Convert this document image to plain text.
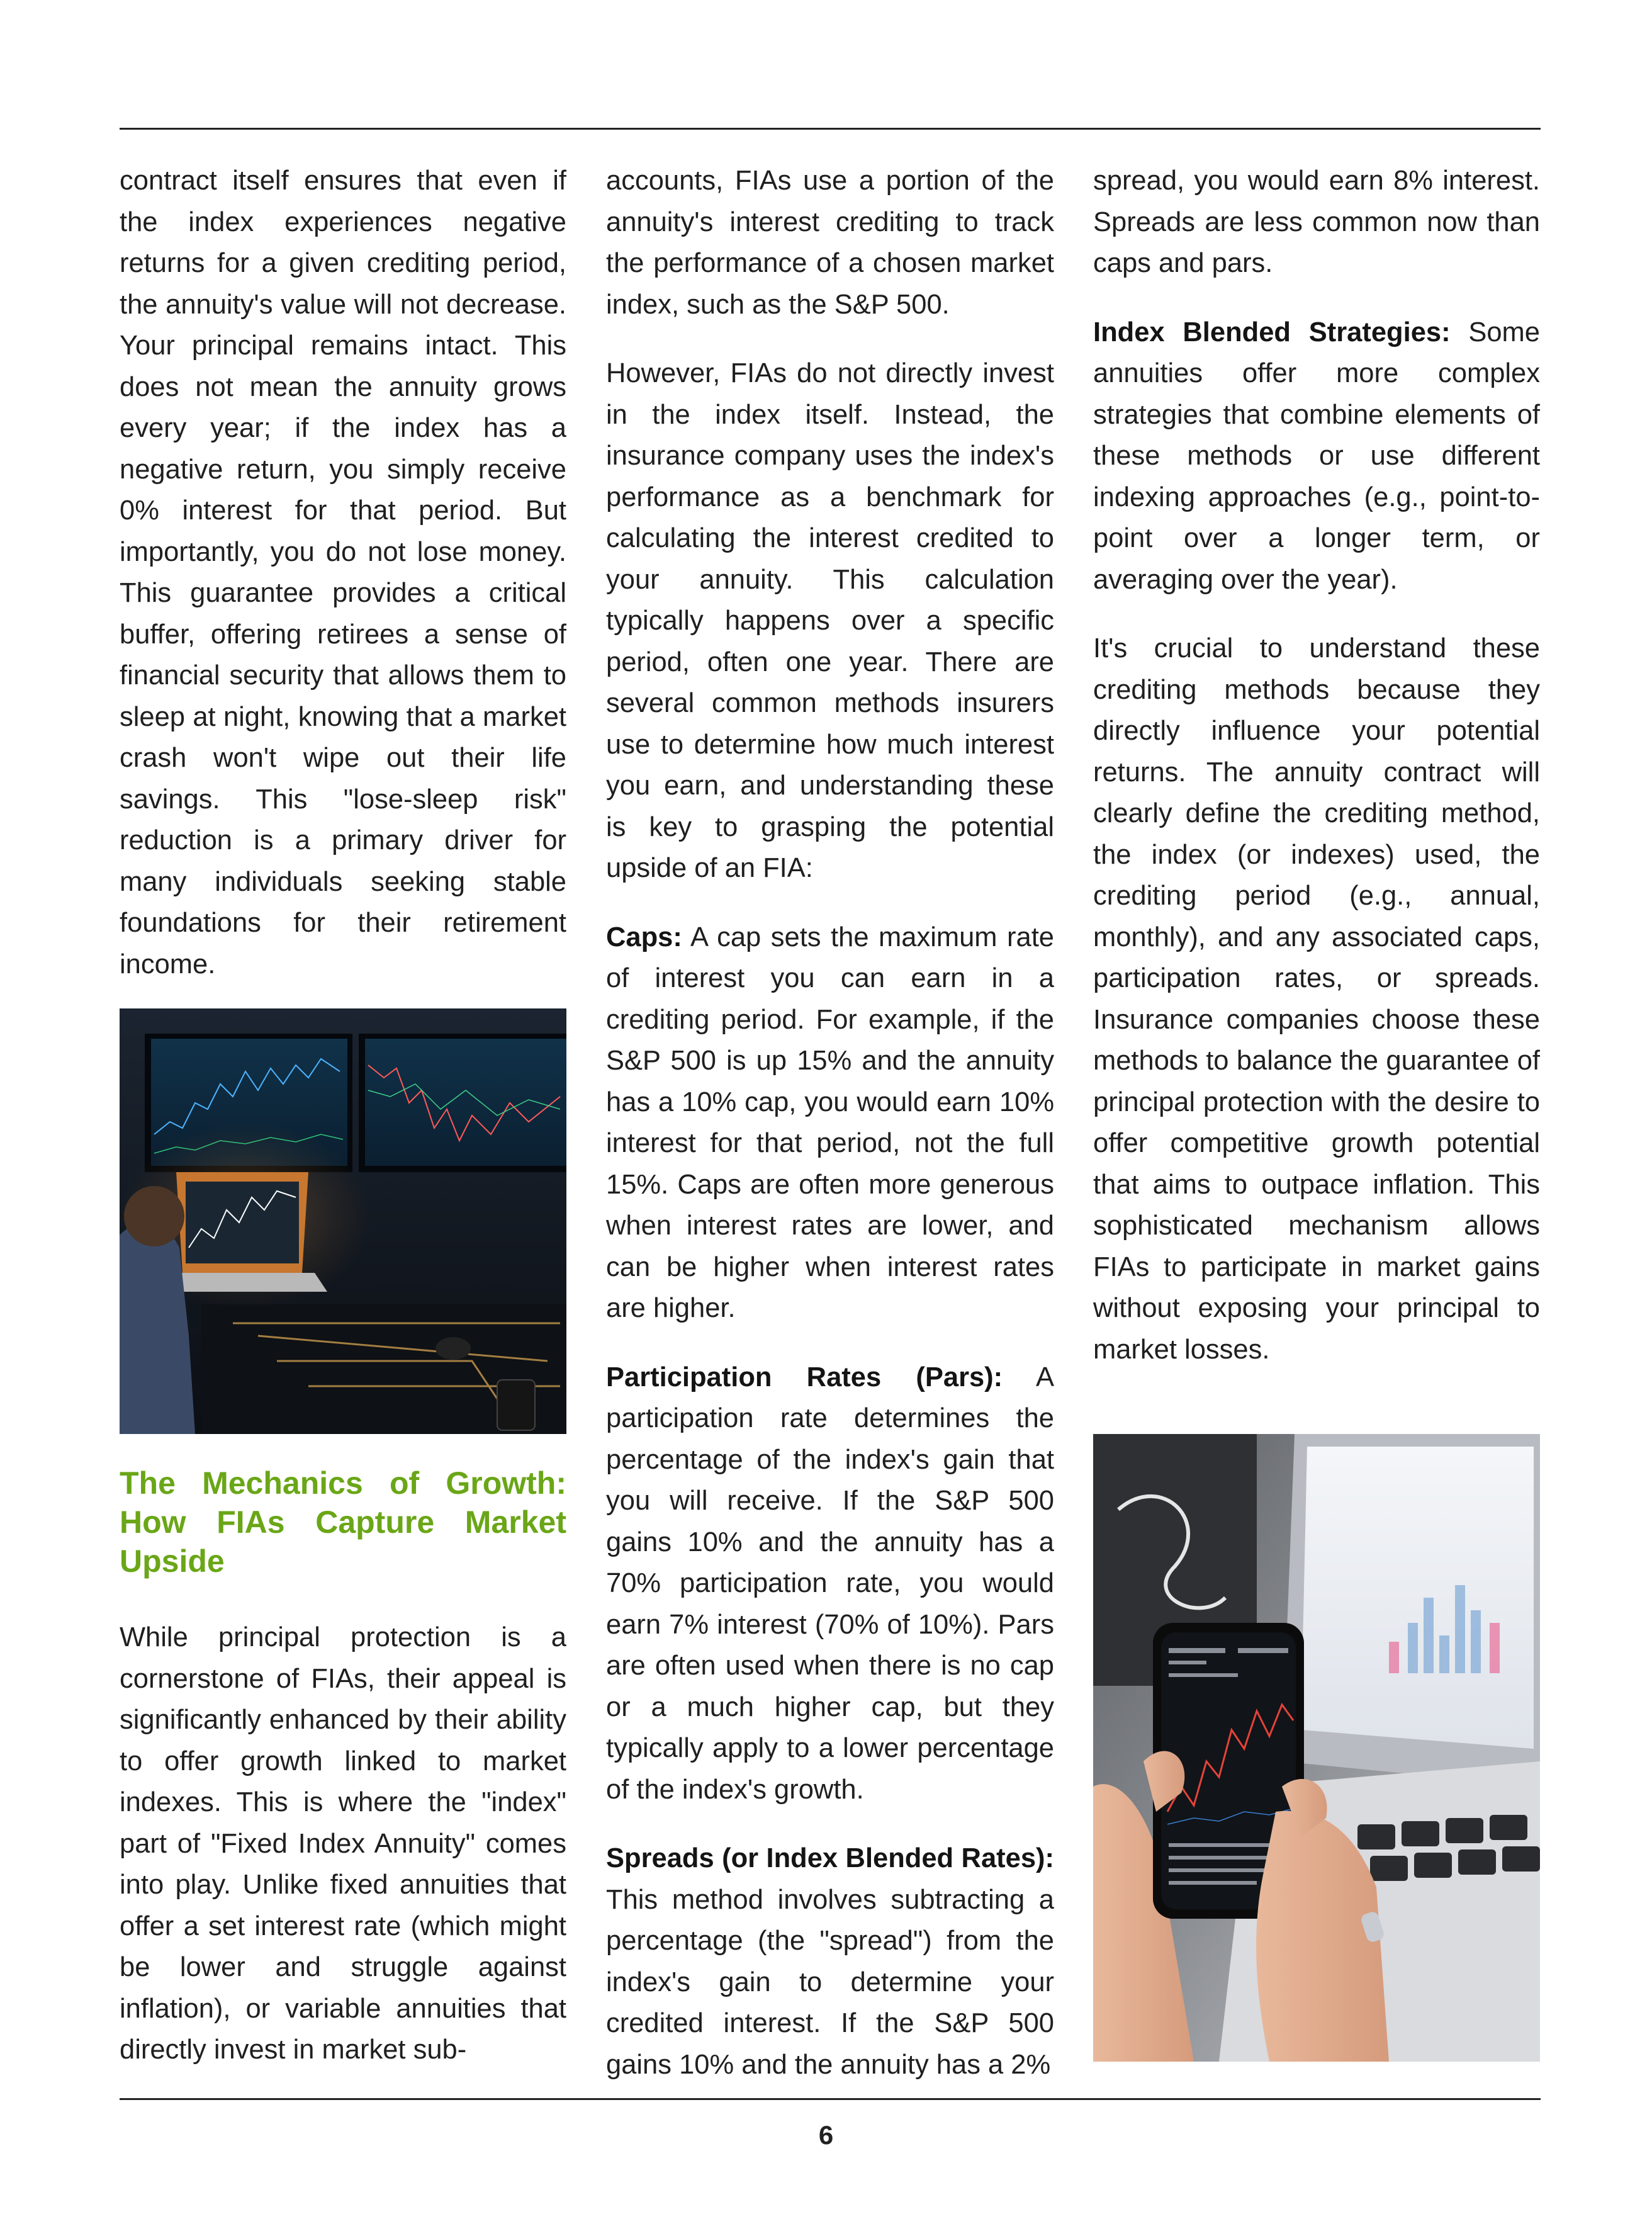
contract itself ensures that even if the index experiences negative returns for a given crediting period, the annuity's value will not decrease. Your principal remains intact. This does not mean the annuity grows every year; if the index has a negative return, you simply receive 0% interest for that period. But importantly, you do not lose money. This guarantee provides a critical buffer, offering retirees a sense of financial security that allows them to sleep at night, knowing that a market crash won't wipe out their life savings. This "lose-sleep risk" reduction is a primary driver for many individuals seeking stable foundations for their retirement income.

The Mechanics of Growth: How FIAs Capture Market Upside

While principal protection is a cornerstone of FIAs, their appeal is significantly enhanced by their ability to offer growth linked to market indexes. This is where the "index" part of "Fixed Index Annuity" comes into play. Unlike fixed annuities that offer a set interest rate (which might be lower and struggle against inflation), or variable annuities that directly invest in market sub-

accounts, FIAs use a portion of the annuity's interest crediting to track the performance of a chosen market index, such as the S&P 500.

However, FIAs do not directly invest in the index itself. Instead, the insurance company uses the index's performance as a benchmark for calculating the interest credited to your annuity. This calculation typically happens over a specific period, often one year. There are several common methods insurers use to determine how much interest you earn, and understanding these is key to grasping the potential upside of an FIA:

Caps: A cap sets the maximum rate of interest you can earn in a crediting period. For example, if the S&P 500 is up 15% and the annuity has a 10% cap, you would earn 10% interest for that period, not the full 15%. Caps are often more generous when interest rates are lower, and can be higher when interest rates are higher.

Participation Rates (Pars): A participation rate determines the percentage of the index's gain that you will receive. If the S&P 500 gains 10% and the annuity has a 70% participation rate, you would earn 7% interest (70% of 10%). Pars are often used when there is no cap or a much higher cap, but they typically apply to a lower percentage of the index's growth.

Spreads (or Index Blended Rates): This method involves subtracting a percentage (the "spread") from the index's gain to determine your credited interest. If the S&P 500 gains 10% and the annuity has a 2%

spread, you would earn 8% interest. Spreads are less common now than caps and pars.

Index Blended Strategies: Some annuities offer more complex strategies that combine elements of these methods or use different indexing approaches (e.g., point-to-point over a longer term, or averaging over the year).

It's crucial to understand these crediting methods because they directly influence your potential returns. The annuity contract will clearly define the crediting method, the index (or indexes) used, the crediting period (e.g., annual, monthly), and any associated caps, participation rates, or spreads. Insurance companies choose these methods to balance the guarantee of principal protection with the desire to offer competitive growth potential that aims to outpace inflation. This sophisticated mechanism allows FIAs to participate in market gains without exposing your principal to market losses.

6
